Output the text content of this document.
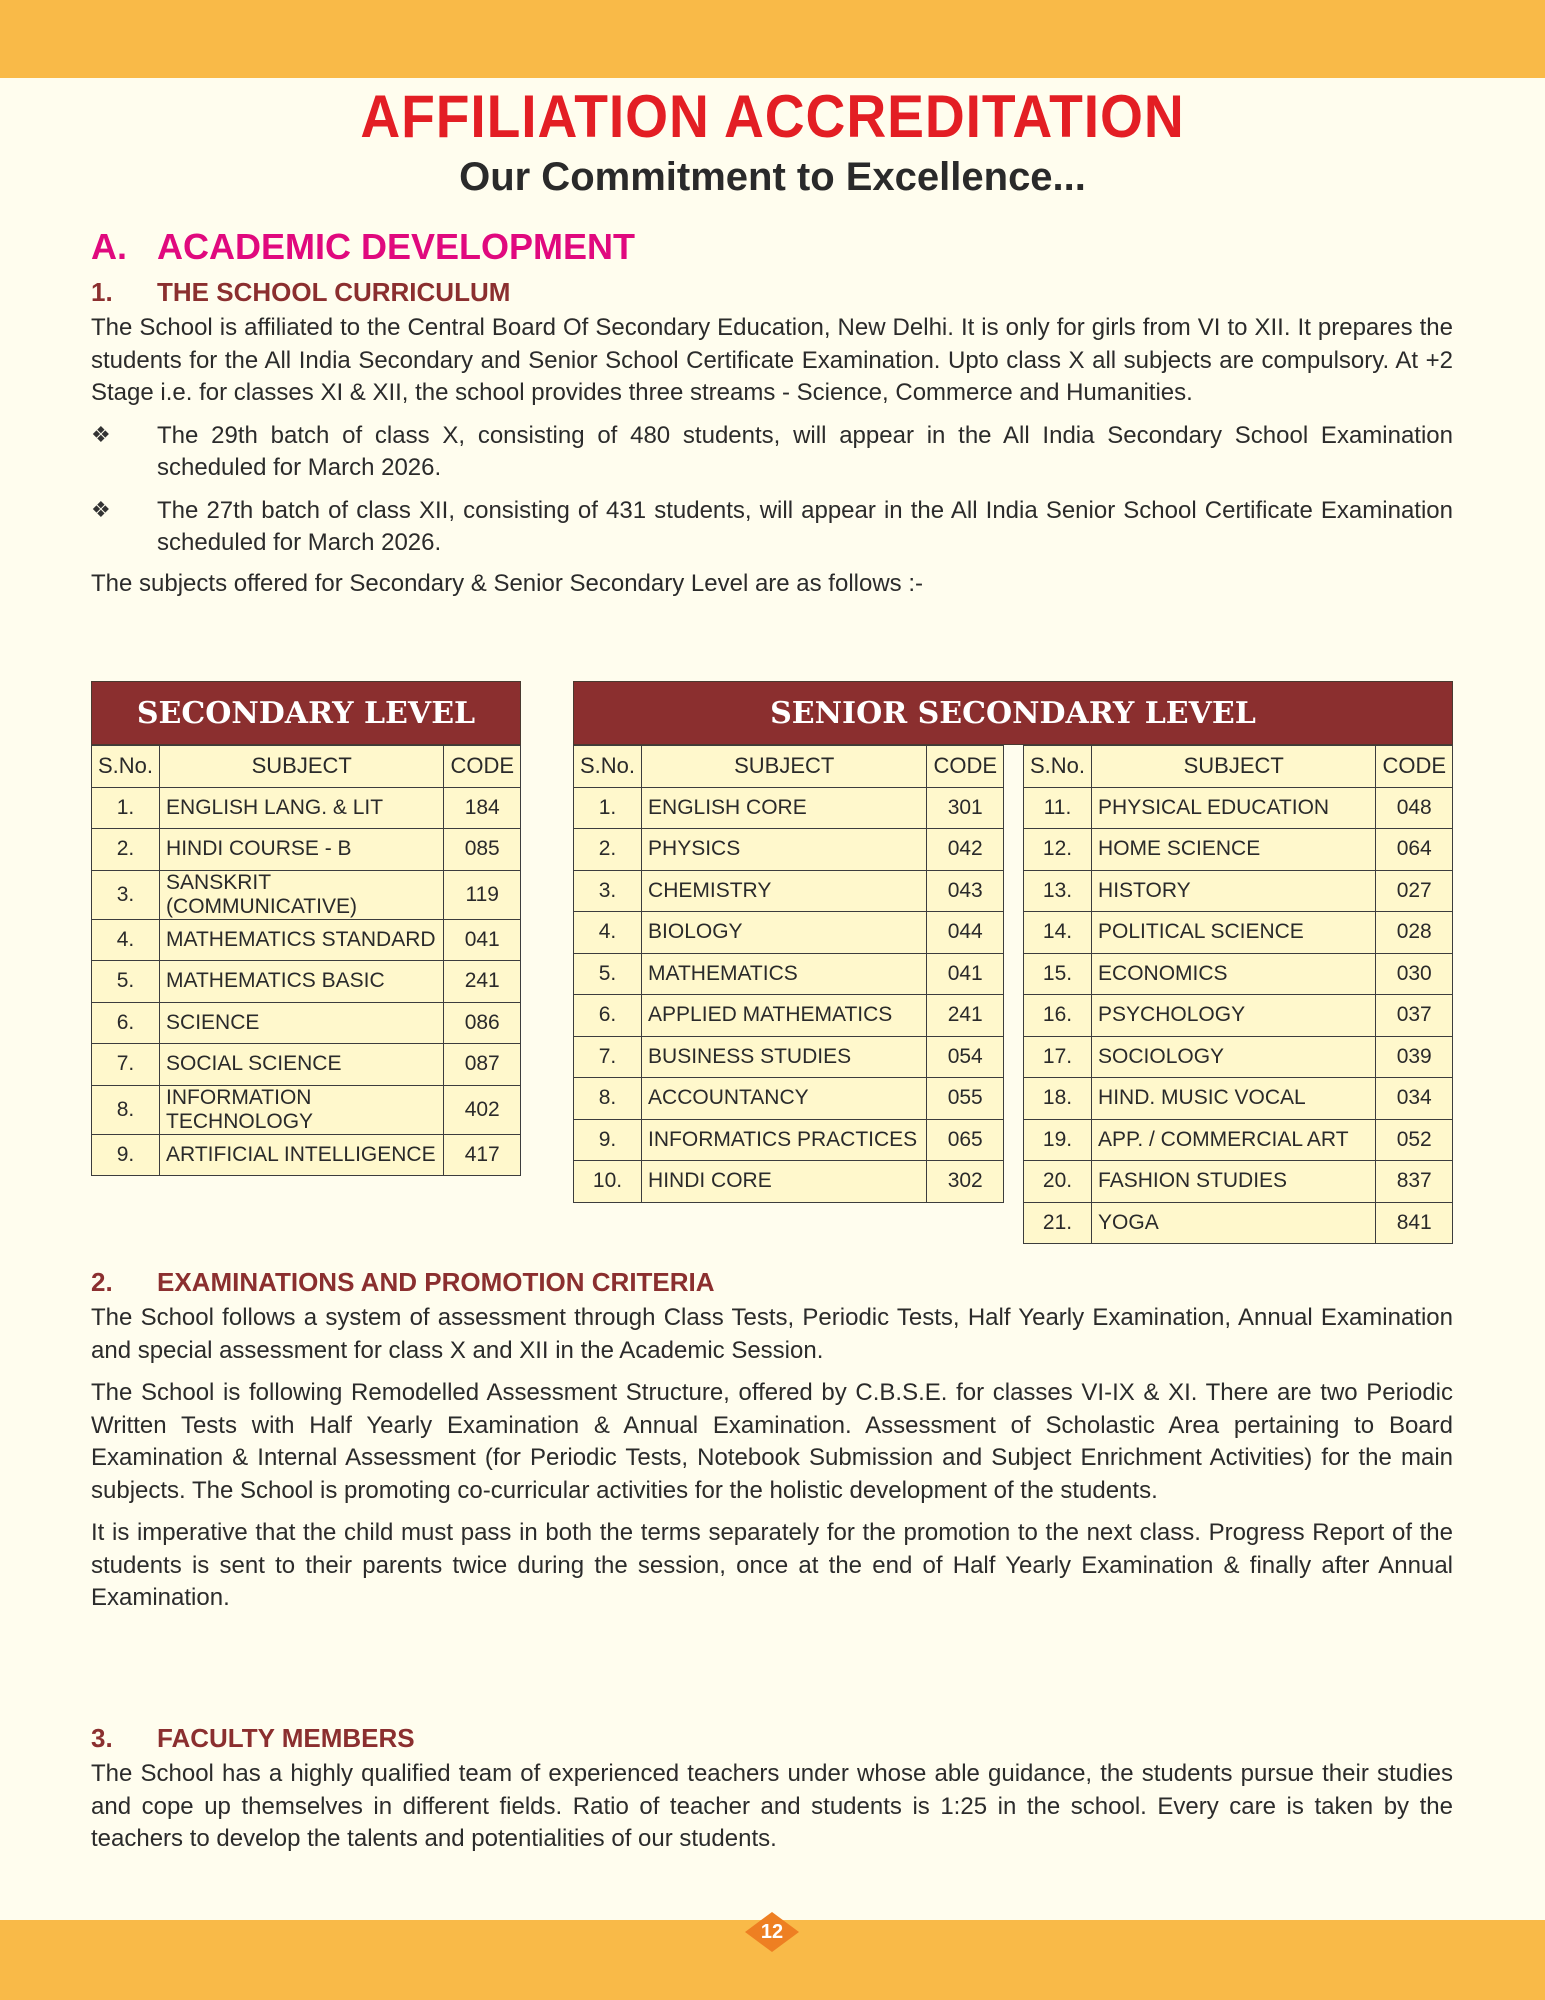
AFFILIATION ACCREDITATION
Our Commitment to Excellence...
A. ACADEMIC DEVELOPMENT
1. THE SCHOOL CURRICULUM

The School is affiliated to the Central Board Of Secondary Education, New Delhi. It is only for girls from VI to XII. It prepares the students for the All India Secondary and Senior School Certificate Examination. Upto class X all subjects are compulsory. At +2 Stage i.e. for classes XI & XII, the school provides three streams - Science, Commerce and Humanities.

❖	The 29th batch of class X, consisting of 480 students, will appear in the All India Secondary School Examination scheduled for March 2026.

❖	The 27th batch of class XII, consisting of 431 students, will appear in the All India Senior School Certificate Examination scheduled for March 2026.

The subjects offered for Secondary & Senior Secondary Level are as follows :-

SECONDARY LEVEL
S.No.	SUBJECT	CODE
1.	ENGLISH LANG. & LIT	184
2.	HINDI COURSE - B	085
3.	SANSKRIT (COMMUNICATIVE)	119
4.	MATHEMATICS STANDARD	041
5.	MATHEMATICS BASIC	241
6.	SCIENCE	086
7.	SOCIAL SCIENCE	087
8.	INFORMATION TECHNOLOGY	402
9.	ARTIFICIAL INTELLIGENCE	417
SENIOR SECONDARY LEVEL
S.No.	SUBJECT	CODE
1.	ENGLISH CORE	301
2.	PHYSICS	042
3.	CHEMISTRY	043
4.	BIOLOGY	044
5.	MATHEMATICS	041
6.	APPLIED MATHEMATICS	241
7.	BUSINESS STUDIES	054
8.	ACCOUNTANCY	055
9.	INFORMATICS PRACTICES	065
10.	HINDI CORE	302
S.No.	SUBJECT	CODE
11.	PHYSICAL EDUCATION	048
12.	HOME SCIENCE	064
13.	HISTORY	027
14.	POLITICAL SCIENCE	028
15.	ECONOMICS	030
16.	PSYCHOLOGY	037
17.	SOCIOLOGY	039
18.	HIND. MUSIC VOCAL	034
19.	APP. / COMMERCIAL ART	052
20.	FASHION STUDIES	837
21.	YOGA	841
2. EXAMINATIONS AND PROMOTION CRITERIA

The School follows a system of assessment through Class Tests, Periodic Tests, Half Yearly Examination, Annual Examination and special assessment for class X and XII in the Academic Session.

The School is following Remodelled Assessment Structure, offered by C.B.S.E. for classes VI-IX & XI. There are two Periodic Written Tests with Half Yearly Examination & Annual Examination. Assessment of Scholastic Area pertaining to Board Examination & Internal Assessment (for Periodic Tests, Notebook Submission and Subject Enrichment Activities) for the main subjects. The School is promoting co-curricular activities for the holistic development of the students.

It is imperative that the child must pass in both the terms separately for the promotion to the next class. Progress Report of the students is sent to their parents twice during the session, once at the end of Half Yearly Examination & finally after Annual Examination.

3. FACULTY MEMBERS

The School has a highly qualified team of experienced teachers under whose able guidance, the students pursue their studies and cope up themselves in different fields. Ratio of teacher and students is 1:25 in the school. Every care is taken by the teachers to develop the talents and potentialities of our students.

12
